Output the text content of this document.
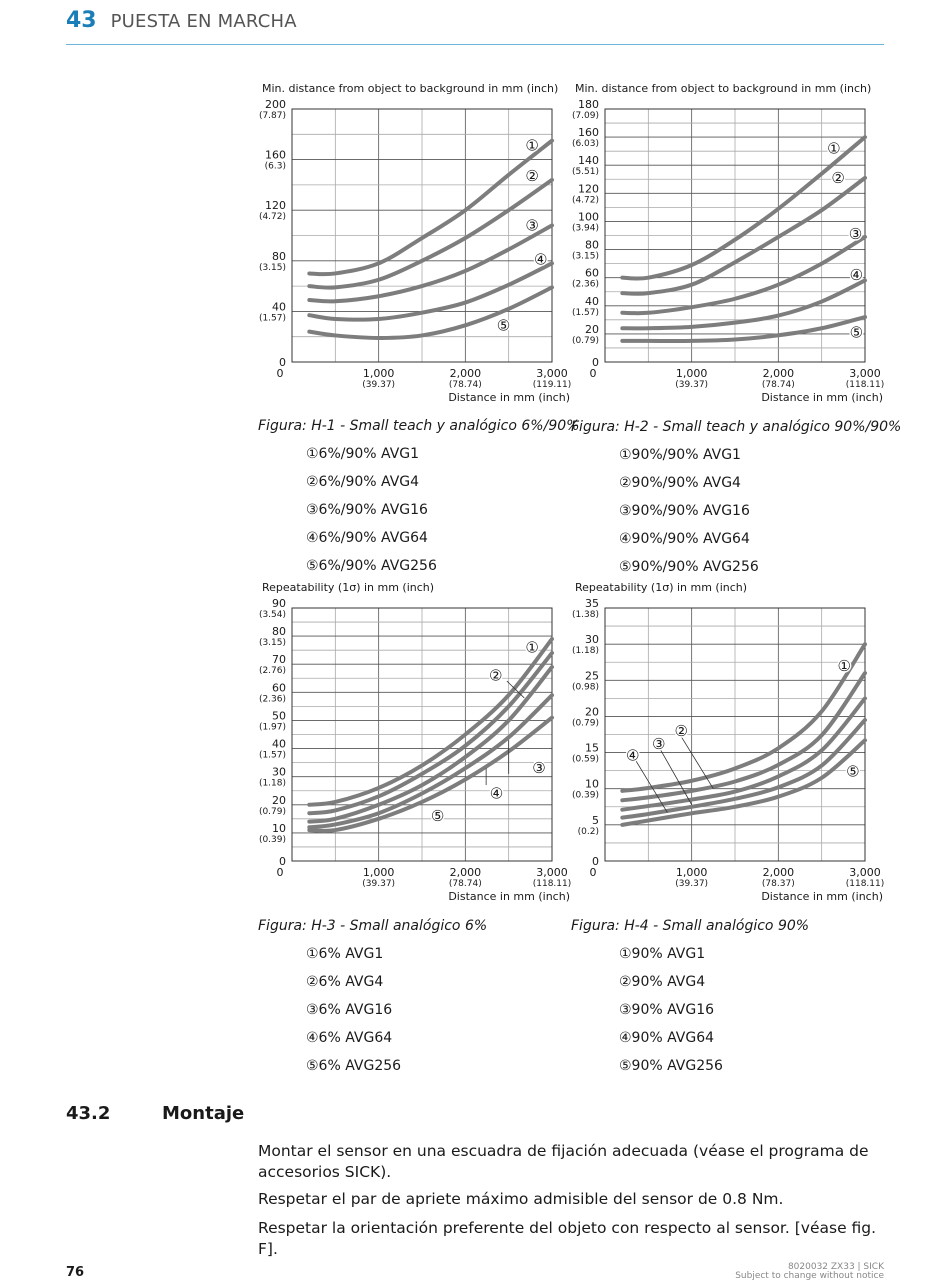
43 PUESTA EN MARCHA
Min. distance from object to background in mm (inch)
0
40
(1.57)
80
(3.15)
120
(4.72)
160
(6.3)
200
(7.87)
0	1,000
(39.37)
2,000
(78.74)
3,000
(119.11)
Distance in mm (inch)
①
②
③
④
⑤
Min. distance from object to background in mm (inch)
0
20
(0.79)
40
(1.57)
60
(2.36)
80
(3.15)
100
(3.94)
120
(4.72)
140
(5.51)
160
(6.03)
180
(7.09)
0	1,000
(39.37)
2,000
(78.74)
3,000
(118.11)
Distance in mm (inch)
①
②
③
④
⑤
Repeatability (1σ) in mm (inch)
0
10
(0.39)
20
(0.79)
30
(1.18)
40
(1.57)
50
(1.97)
60
(2.36)
70
(2.76)
80
(3.15)
90
(3.54)
0	1,000
(39.37)
2,000
(78.74)
3,000
(118.11)
Distance in mm (inch)
①
②
③
④
⑤
Repeatability (1σ) in mm (inch)
0
5
(0.2)
10
(0.39)
15
(0.59)
20
(0.79)
25
(0.98)
30
(1.18)
35
(1.38)
0	1,000
(39.37)
2,000
(78.37)
3,000
(118.11)
Distance in mm (inch)
①
②
③
④
⑤
Figura: H-1 - Small teach y analógico 6%/90%
Figura: H-2 - Small teach y analógico 90%/90%
Figura: H-3 - Small analógico 6%	Figura: H-4 - Small analógico 90%
①6%/90% AVG1
②6%/90% AVG4
③6%/90% AVG16
④6%/90% AVG64
⑤6%/90% AVG256
①90%/90% AVG1
②90%/90% AVG4
③90%/90% AVG16
④90%/90% AVG64
⑤90%/90% AVG256
①6% AVG1
②6% AVG4
③6% AVG16
④6% AVG64
⑤6% AVG256
①90% AVG1
②90% AVG4
③90% AVG16
④90% AVG64
⑤90% AVG256
43.2	Montaje
Montar el sensor en una escuadra de fijación adecuada (véase el programa de accesorios SICK).
Respetar el par de apriete máximo admisible del sensor de 0.8 Nm.
Respetar la orientación preferente del objeto con respecto al sensor. [véase fig. F].
76	8020032 ZX33 | SICK
Subject to change without notice
